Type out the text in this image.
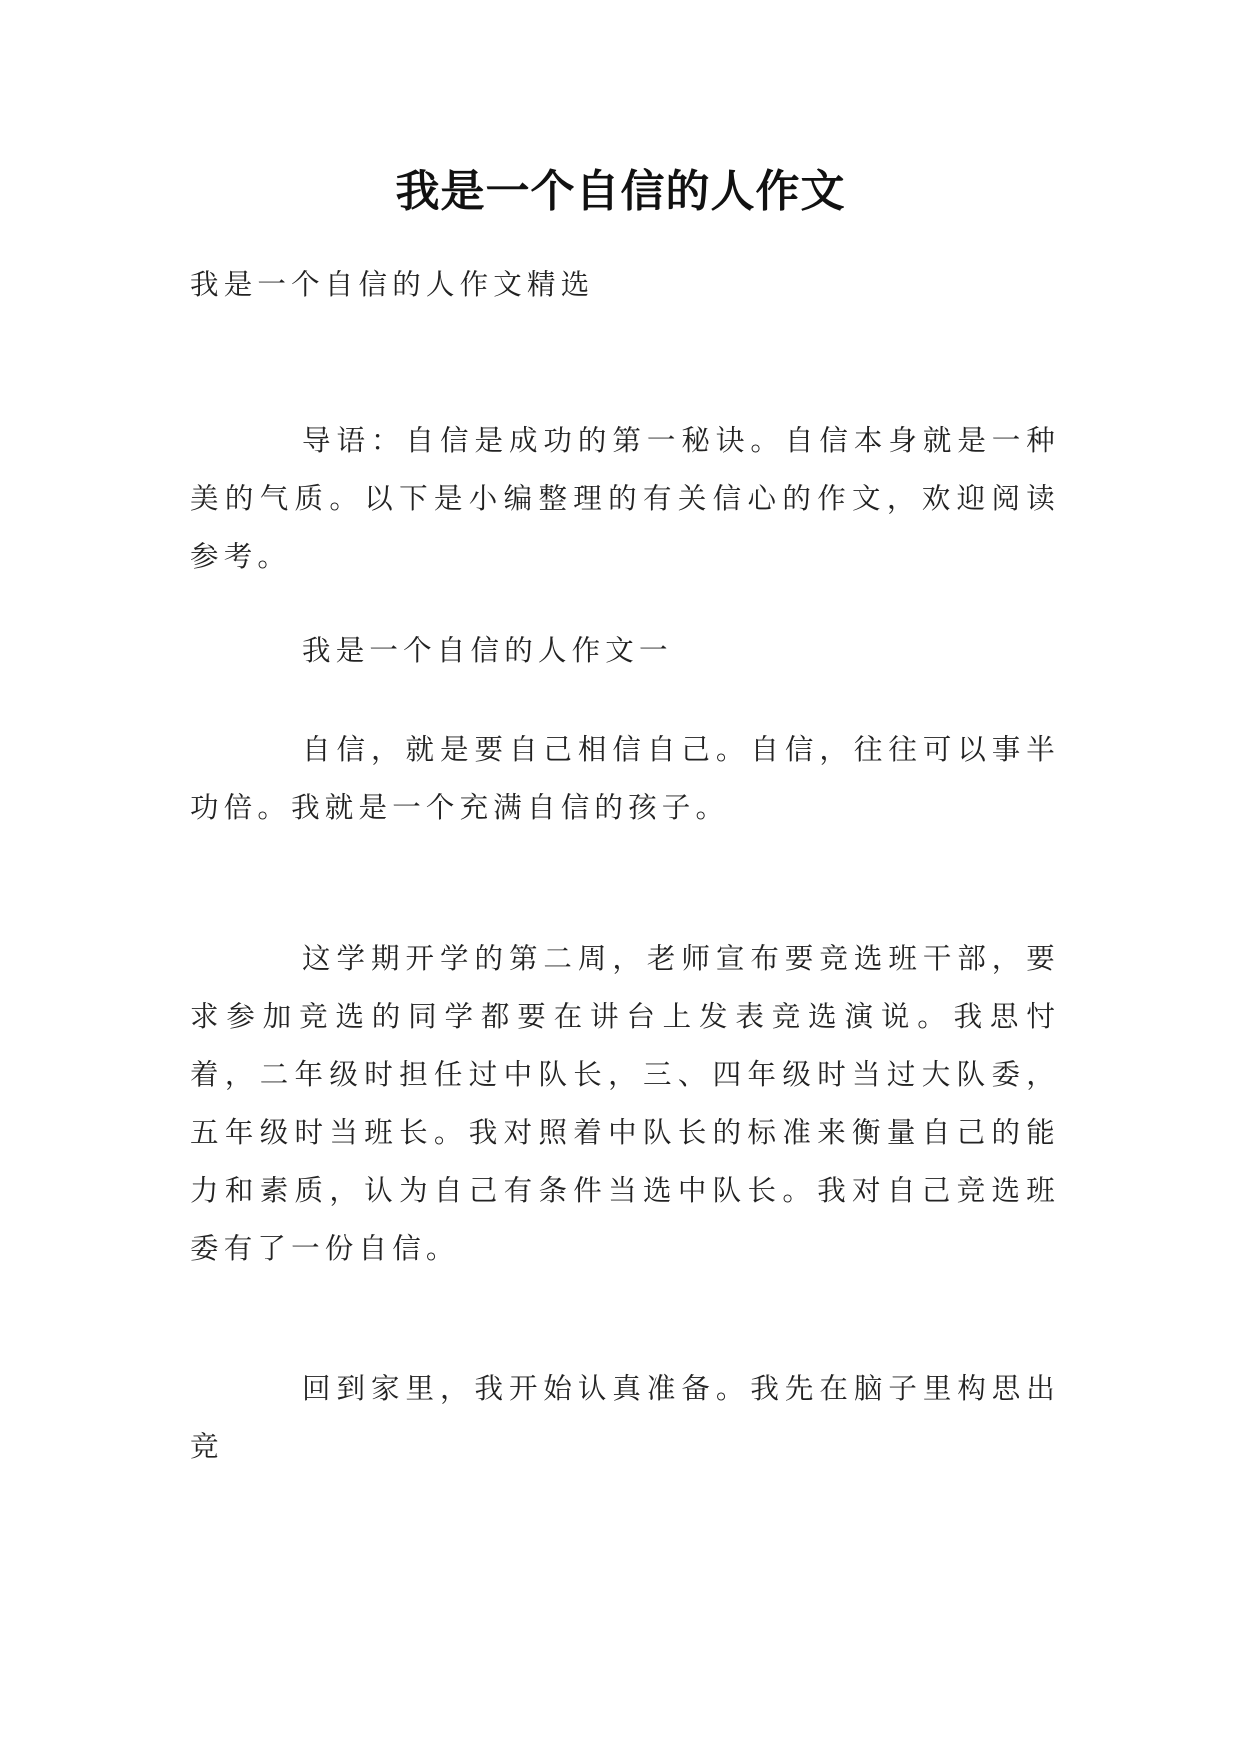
我是一个自信的人作文

我是一个自信的人作文精选

导语：自信是成功的第一秘诀。自信本身就是一种美的气质。以下是小编整理的有关信心的作文，欢迎阅读参考。

我是一个自信的人作文一

自信，就是要自己相信自己。自信，往往可以事半功倍。我就是一个充满自信的孩子。
这学期开学的第二周，老师宣布要竞选班干部，要求参加竞选的同学都要在讲台上发表竞选演说。我思忖着，二年级时担任过中队长，三、四年级时当过大队委，五年级时当班长。我对照着中队长的标准来衡量自己的能力和素质，认为自己有条件当选中队长。我对自己竞选班委有了一份自信。
回到家里，我开始认真准备。我先在脑子里构思出竞
